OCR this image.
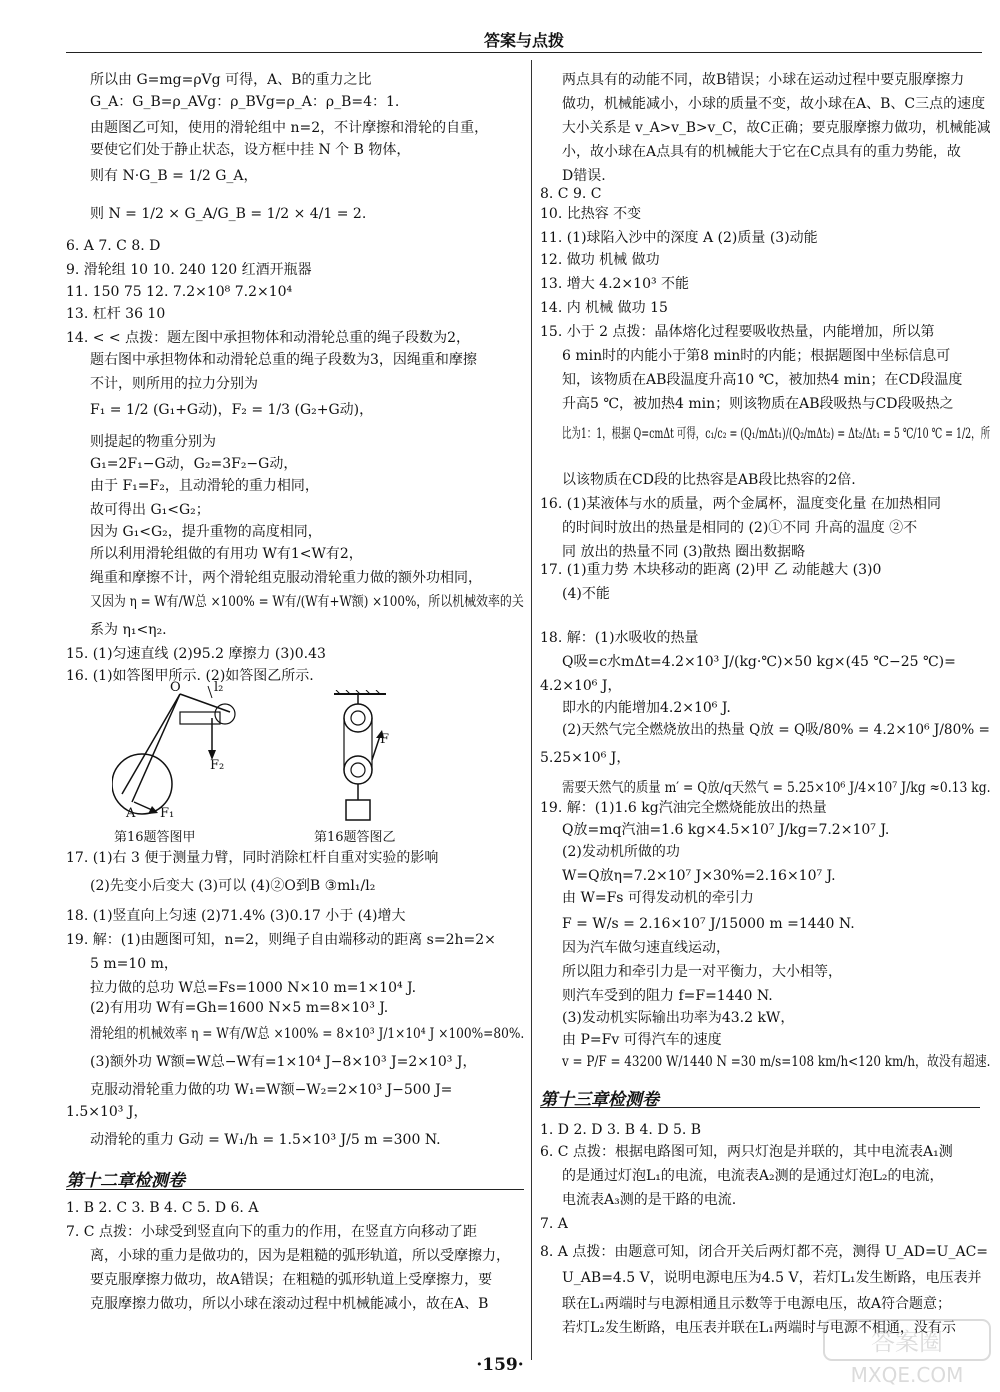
答案与点拨
所以由 G=mg=ρVg 可得，A、B的重力之比
G_A：G_B=ρ_AVg：ρ_BVg=ρ_A：ρ_B=4：1.
由题图乙可知，使用的滑轮组中 n=2，不计摩擦和滑轮的自重，
要使它们处于静止状态，设方框中挂 N 个 B 物体，
则有 N·G_B = 1/2 G_A，
则 N = 1/2 × G_A/G_B = 1/2 × 4/1 = 2.
6. A 7. C 8. D
9. 滑轮组 10 10. 240 120 红酒开瓶器
11. 150 75 12. 7.2×10⁸ 7.2×10⁴
13. 杠杆 36 10
14. < < 点拨：题左图中承担物体和动滑轮总重的绳子段数为2，
题右图中承担物体和动滑轮总重的绳子段数为3，因绳重和摩擦
不计，则所用的拉力分别为
F₁ = 1/2 (G₁+G动)，F₂ = 1/3 (G₂+G动)，
则提起的物重分别为
G₁=2F₁−G动，G₂=3F₂−G动，
由于 F₁=F₂，且动滑轮的重力相同，
故可得出 G₁<G₂；
因为 G₁<G₂，提升重物的高度相同，
所以利用滑轮组做的有用功 W有1<W有2，
绳重和摩擦不计，两个滑轮组克服动滑轮重力做的额外功相同，
又因为 η = W有/W总 ×100% = W有/(W有+W额) ×100%，所以机械效率的关
系为 η₁<η₂.
15. (1)匀速直线 (2)95.2 摩擦力 (3)0.43
16. (1)如答图甲所示. (2)如答图乙所示.
17. (1)右 3 便于测量力臂，同时消除杠杆自重对实验的影响
(2)先变小后变大 (3)可以 (4)②O到B ③ml₁/l₂
18. (1)竖直向上匀速 (2)71.4% (3)0.17 小于 (4)增大
19. 解：(1)由题图可知，n=2，则绳子自由端移动的距离 s=2h=2×
5 m=10 m，
拉力做的总功 W总=Fs=1000 N×10 m=1×10⁴ J.
(2)有用功 W有=Gh=1600 N×5 m=8×10³ J.
滑轮组的机械效率 η = W有/W总 ×100% = 8×10³ J/1×10⁴ J ×100%=80%.
(3)额外功 W额=W总−W有=1×10⁴ J−8×10³ J=2×10³ J，
克服动滑轮重力做的功 W₁=W额−W₂=2×10³ J−500 J=
1.5×10³ J，
动滑轮的重力 G动 = W₁/h = 1.5×10³ J/5 m =300 N.
1. B 2. C 3. B 4. C 5. D 6. A
7. C 点拨：小球受到竖直向下的重力的作用，在竖直方向移动了距
离，小球的重力是做功的，因为是粗糙的弧形轨道，所以受摩擦力，
要克服摩擦力做功，故A错误；在粗糙的弧形轨道上受摩擦力，要
克服摩擦力做功，所以小球在滚动过程中机械能减小，故在A、B
两点具有的动能不同，故B错误；小球在运动过程中要克服摩擦力
做功，机械能减小，小球的质量不变，故小球在A、B、C三点的速度
大小关系是 v_A>v_B>v_C，故C正确；要克服摩擦力做功，机械能减
小，故小球在A点具有的机械能大于它在C点具有的重力势能，故
D错误.
8. C 9. C
10. 比热容 不变
11. (1)球陷入沙中的深度 A (2)质量 (3)动能
12. 做功 机械 做功
13. 增大 4.2×10³ 不能
14. 内 机械 做功 15
15. 小于 2 点拨：晶体熔化过程要吸收热量，内能增加，所以第
6 min时的内能小于第8 min时的内能；根据题图中坐标信息可
知，该物质在AB段温度升高10 ℃，被加热4 min；在CD段温度
升高5 ℃，被加热4 min；则该物质在AB段吸热与CD段吸热之
比为1：1，根据 Q=cmΔt 可得，c₁/c₂ = (Q₁/mΔt₁)/(Q₂/mΔt₂) = Δt₂/Δt₁ = 5 ℃/10 ℃ = 1/2，所
以该物质在CD段的比热容是AB段比热容的2倍.
16. (1)某液体与水的质量，两个金属杯，温度变化量 在加热相同
的时间时放出的热量是相同的 (2)①不同 升高的温度 ②不
同 放出的热量不同 (3)散热 圈出数据略
17. (1)重力势 木块移动的距离 (2)甲 乙 动能越大 (3)0
(4)不能
18. 解：(1)水吸收的热量
Q吸=c水mΔt=4.2×10³ J/(kg·℃)×50 kg×(45 ℃−25 ℃)=
4.2×10⁶ J，
即水的内能增加4.2×10⁶ J.
(2)天然气完全燃烧放出的热量 Q放 = Q吸/80% = 4.2×10⁶ J/80% =
5.25×10⁶ J，
需要天然气的质量 m′ = Q放/q天然气 = 5.25×10⁶ J/4×10⁷ J/kg ≈0.13 kg.
19. 解：(1)1.6 kg汽油完全燃烧能放出的热量
Q放=mq汽油=1.6 kg×4.5×10⁷ J/kg=7.2×10⁷ J.
(2)发动机所做的功
W=Q放η=7.2×10⁷ J×30%=2.16×10⁷ J.
由 W=Fs 可得发动机的牵引力
F = W/s = 2.16×10⁷ J/15000 m =1440 N.
因为汽车做匀速直线运动，
所以阻力和牵引力是一对平衡力，大小相等，
则汽车受到的阻力 f=F=1440 N.
(3)发动机实际输出功率为43.2 kW，
由 P=Fv 可得汽车的速度
v = P/F = 43200 W/1440 N =30 m/s=108 km/h<120 km/h，故没有超速.
1. D 2. D 3. B 4. D 5. B
6. C 点拨：根据电路图可知，两只灯泡是并联的，其中电流表A₁测
的是通过灯泡L₁的电流，电流表A₂测的是通过灯泡L₂的电流，
电流表A₃测的是干路的电流.
7. A
8. A 点拨：由题意可知，闭合开关后两灯都不亮，测得 U_AD=U_AC=
U_AB=4.5 V，说明电源电压为4.5 V，若灯L₁发生断路，电压表并
联在L₁两端时与电源相通且示数等于电源电压，故A符合题意；
若灯L₂发生断路，电压表并联在L₁两端时与电源不相通，没有示
第十二章检测卷
第十三章检测卷
O	l₂
F₂
A F₁
第16题答图甲
F
第16题答图乙
·159·
答案圈
MXQE.COM
